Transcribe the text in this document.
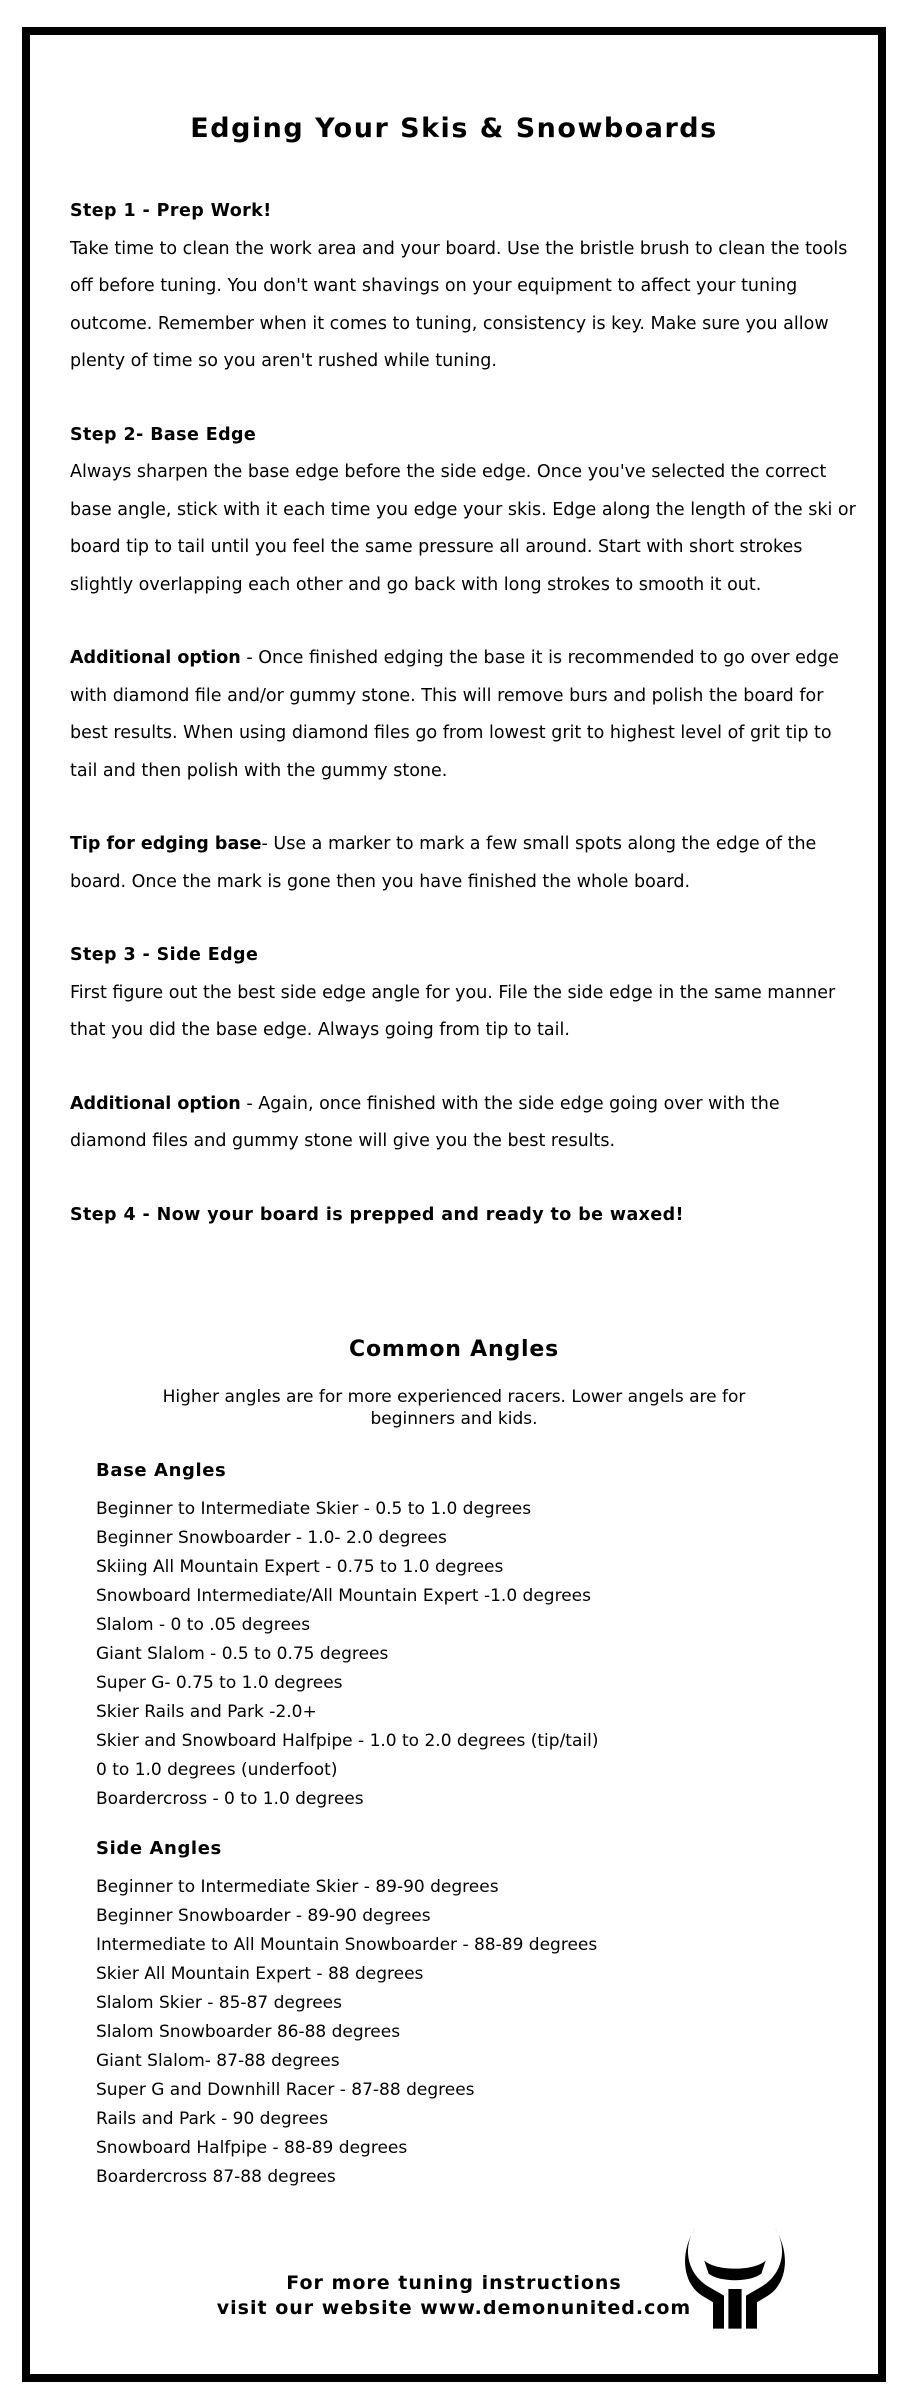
Edging Your Skis & Snowboards
Step 1 - Prep Work!

Take time to clean the work area and your board. Use the bristle brush to clean the tools off before tuning. You don't want shavings on your equipment to affect your tuning outcome. Remember when it comes to tuning, consistency is key. Make sure you allow plenty of time so you aren't rushed while tuning.

Step 2- Base Edge

Always sharpen the base edge before the side edge. Once you've selected the correct base angle, stick with it each time you edge your skis. Edge along the length of the ski or board tip to tail until you feel the same pressure all around. Start with short strokes slightly overlapping each other and go back with long strokes to smooth it out.

Additional option - Once finished edging the base it is recommended to go over edge with diamond file and/or gummy stone. This will remove burs and polish the board for best results. When using diamond files go from lowest grit to highest level of grit tip to tail and then polish with the gummy stone.

Tip for edging base- Use a marker to mark a few small spots along the edge of the board. Once the mark is gone then you have finished the whole board.

Step 3 - Side Edge

First figure out the best side edge angle for you. File the side edge in the same manner that you did the base edge. Always going from tip to tail.

Additional option - Again, once finished with the side edge going over with the diamond files and gummy stone will give you the best results.

Step 4 - Now your board is prepped and ready to be waxed!
Common Angles
Higher angles are for more experienced racers. Lower angels are for beginners and kids.
Base Angles
Beginner to Intermediate Skier - 0.5 to 1.0 degrees
Beginner Snowboarder - 1.0- 2.0 degrees
Skiing All Mountain Expert - 0.75 to 1.0 degrees
Snowboard Intermediate/All Mountain Expert -1.0 degrees
Slalom - 0 to .05 degrees
Giant Slalom - 0.5 to 0.75 degrees
Super G- 0.75 to 1.0 degrees
Skier Rails and Park -2.0+
Skier and Snowboard Halfpipe - 1.0 to 2.0 degrees (tip/tail)
0 to 1.0 degrees (underfoot)
Boardercross - 0 to 1.0 degrees
Side Angles
Beginner to Intermediate Skier - 89-90 degrees
Beginner Snowboarder - 89-90 degrees
Intermediate to All Mountain Snowboarder - 88-89 degrees
Skier All Mountain Expert - 88 degrees
Slalom Skier - 85-87 degrees
Slalom Snowboarder 86-88 degrees
Giant Slalom- 87-88 degrees
Super G and Downhill Racer - 87-88 degrees
Rails and Park - 90 degrees
Snowboard Halfpipe - 88-89 degrees
Boardercross 87-88 degrees
For more tuning instructions
visit our website www.demonunited.com
